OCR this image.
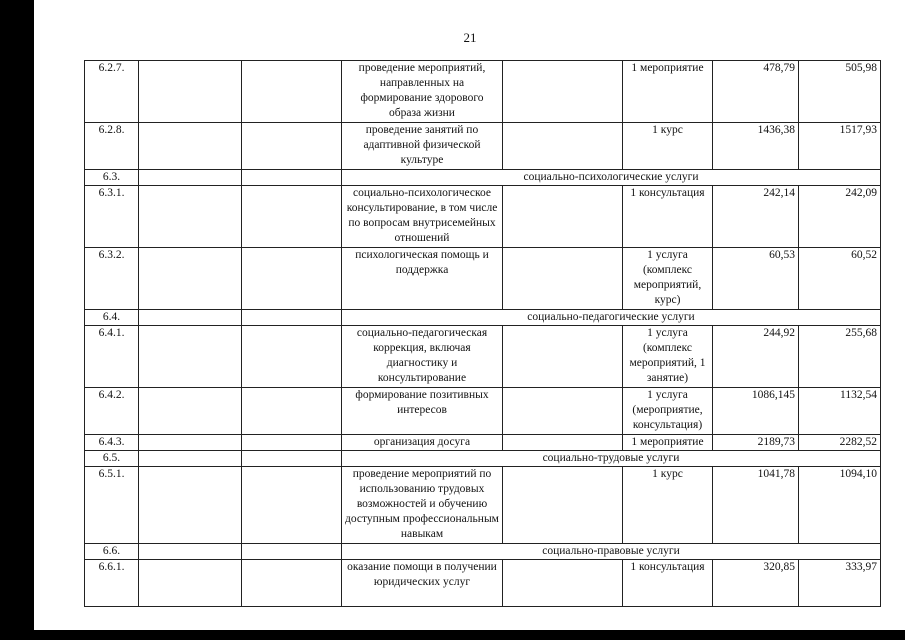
21
6.2.7.			проведение мероприятий, направленных на формирование здорового образа жизни		1 мероприятие	478,79	505,98
6.2.8.			проведение занятий по адаптивной физической культуре		1 курс	1436,38	1517,93
6.3.			социально-психологические услуги				
6.3.1.			социально-психологическое консультирование, в том числе по вопросам внутрисемейных отношений		1 консультация	242,14	242,09
6.3.2.			психологическая помощь и поддержка		1 услуга (комплекс мероприятий, курс)	60,53	60,52
6.4.			социально-педагогические услуги				
6.4.1.			социально-педагогическая коррекция, включая диагностику и консультирование		1 услуга (комплекс мероприятий, 1 занятие)	244,92	255,68
6.4.2.			формирование позитивных интересов		1 услуга (мероприятие, консультация)	1086,145	1132,54
6.4.3.			организация досуга		1 мероприятие	2189,73	2282,52
6.5.			социально-трудовые услуги				
6.5.1.			проведение мероприятий по использованию трудовых возможностей и обучению доступным профессиональным навыкам		1 курс	1041,78	1094,10
6.6.			социально-правовые услуги				
6.6.1.			оказание помощи в получении юридических услуг		1 консультация	320,85	333,97
